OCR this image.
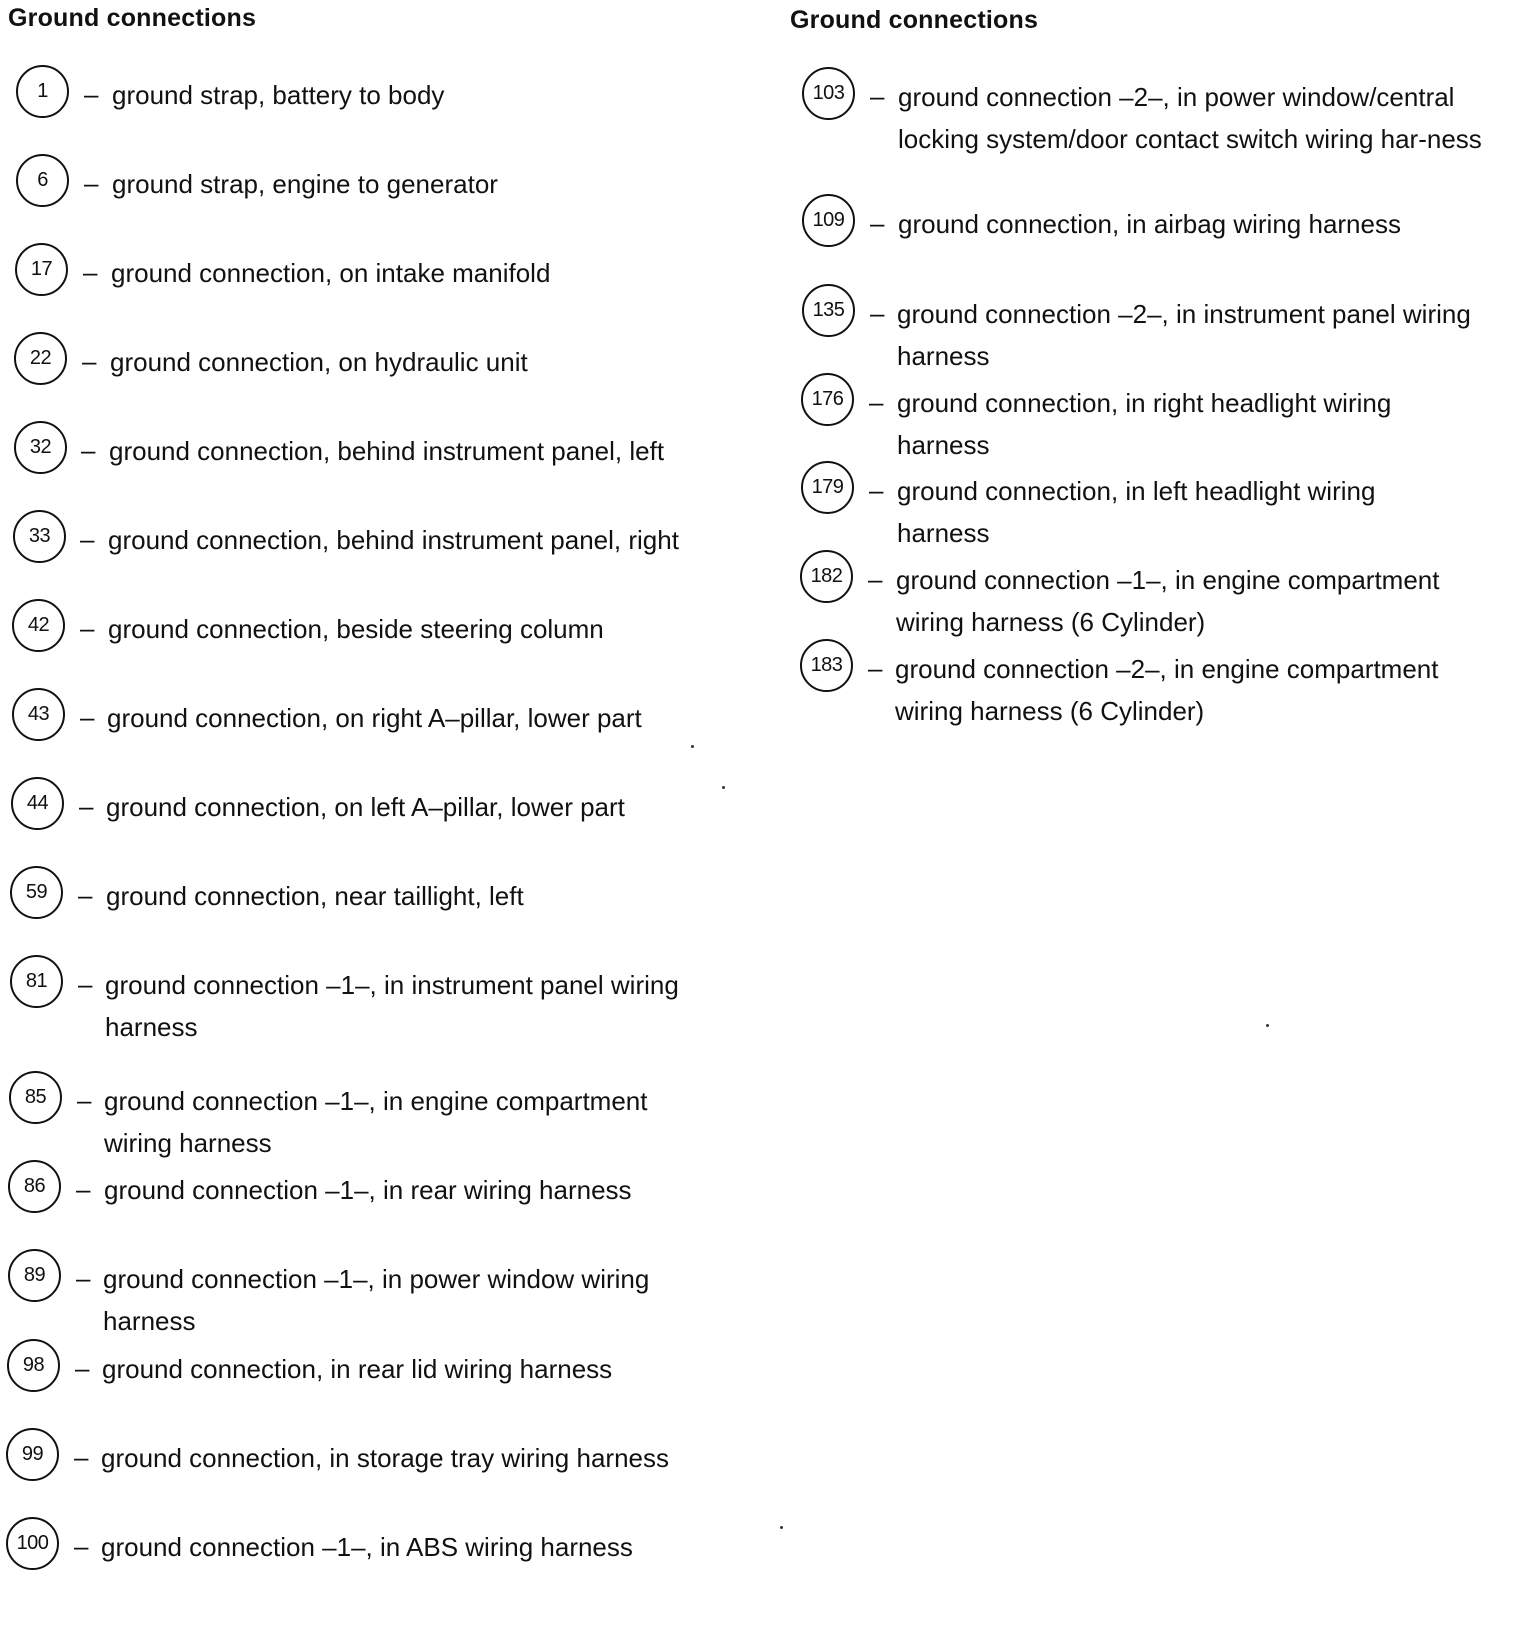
Ground connections
1	– ground strap, battery to body
6	– ground strap, engine to generator
17	– ground connection, on intake manifold
22	– ground connection, on hydraulic unit
32	– ground connection, behind instrument panel, left
33	– ground connection, behind instrument panel, right
42	– ground connection, beside steering column
43	– ground connection, on right A–pillar, lower part
44	– ground connection, on left A–pillar, lower part
59	– ground connection, near taillight, left
81	– ground connection –1–, in instrument panel wiring harness
85	– ground connection –1–, in engine compartment wiring harness
86	– ground connection –1–, in rear wiring harness
89	– ground connection –1–, in power window wiring harness
98	– ground connection, in rear lid wiring harness
99	– ground connection, in storage tray wiring harness
100 – ground connection –1–, in ABS wiring harness
Ground connections
103 – ground connection –2–, in power window/central locking system/door contact switch wiring har-ness
109 – ground connection, in airbag wiring harness
135 – ground connection –2–, in instrument panel wiring harness
176 – ground connection, in right headlight wiring harness
179 – ground connection, in left headlight wiring harness
182 – ground connection –1–, in engine compartment wiring harness (6 Cylinder)
183 – ground connection –2–, in engine compartment wiring harness (6 Cylinder)
